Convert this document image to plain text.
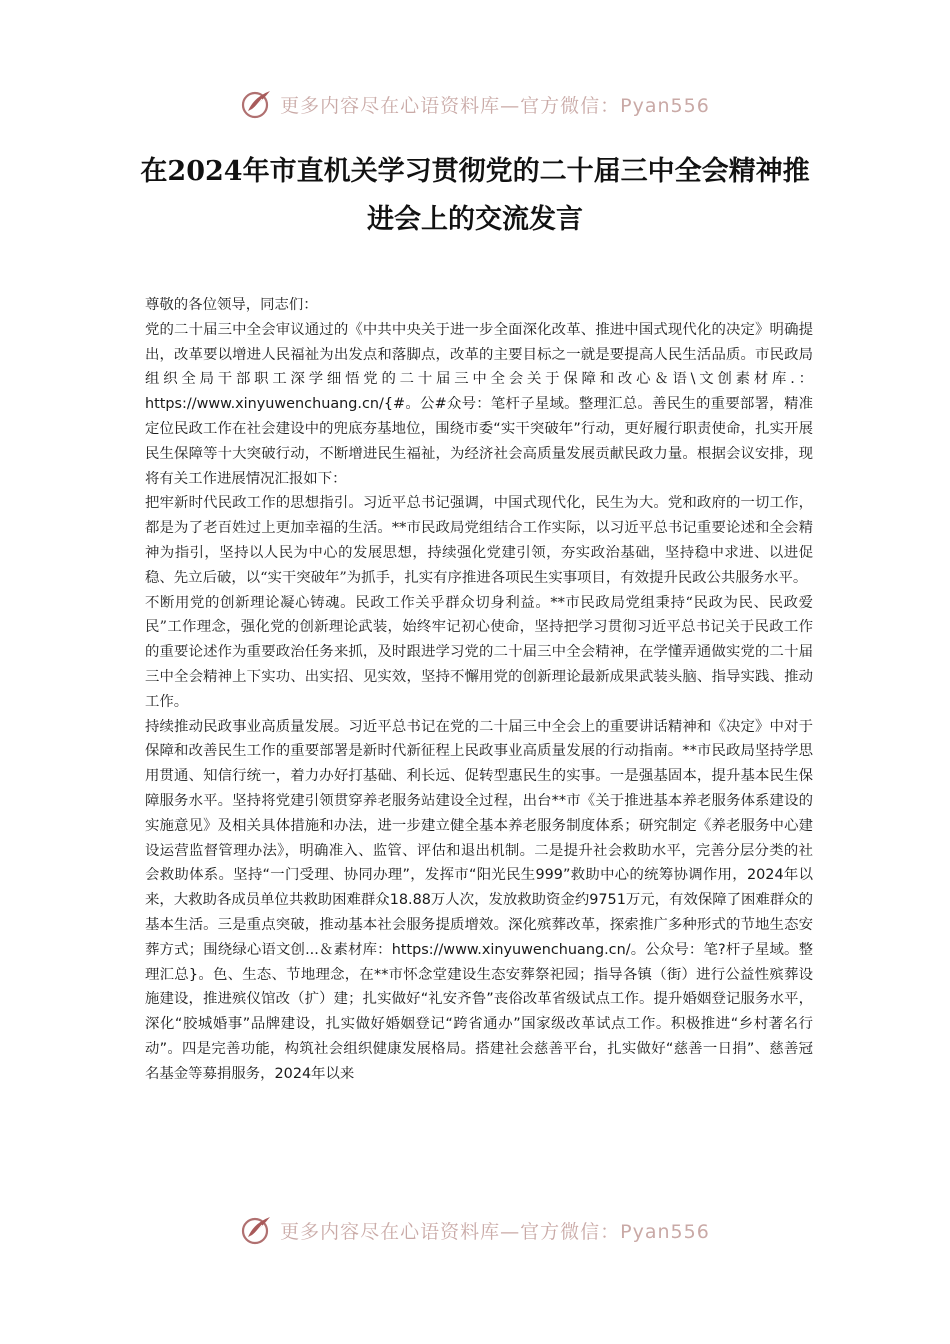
更多内容尽在心语资料库—官方微信：Pyan556
在2024年市直机关学习贯彻党的二十届三中全会精神推进会上的交流发言

尊敬的各位领导，同志们：

党的二十届三中全会审议通过的《中共中央关于进一步全面深化改革、推进中国式现代化的决定》明确提出，改革要以增进人民福祉为出发点和落脚点，改革的主要目标之一就是要提高人民生活品质。市民政局组织全局干部职工深学细悟党的二十届三中全会关于保障和改心＆语\文创素材库.：https://www.xinyuwenchuang.cn/{#。公#众号：笔杆子星域。整理汇总。善民生的重要部署，精准定位民政工作在社会建设中的兜底夯基地位，围绕市委“实干突破年”行动，更好履行职责使命，扎实开展民生保障等十大突破行动，不断增进民生福祉，为经济社会高质量发展贡献民政力量。根据会议安排，现将有关工作进展情况汇报如下：

把牢新时代民政工作的思想指引。习近平总书记强调，中国式现代化，民生为大。党和政府的一切工作，都是为了老百姓过上更加幸福的生活。**市民政局党组结合工作实际，以习近平总书记重要论述和全会精神为指引，坚持以人民为中心的发展思想，持续强化党建引领，夯实政治基础，坚持稳中求进、以进促稳、先立后破，以“实干突破年”为抓手，扎实有序推进各项民生实事项目，有效提升民政公共服务水平。

不断用党的创新理论凝心铸魂。民政工作关乎群众切身利益。**市民政局党组秉持“民政为民、民政爱民”工作理念，强化党的创新理论武装，始终牢记初心使命，坚持把学习贯彻习近平总书记关于民政工作的重要论述作为重要政治任务来抓，及时跟进学习党的二十届三中全会精神，在学懂弄通做实党的二十届三中全会精神上下实功、出实招、见实效，坚持不懈用党的创新理论最新成果武装头脑、指导实践、推动工作。

持续推动民政事业高质量发展。习近平总书记在党的二十届三中全会上的重要讲话精神和《决定》中对于保障和改善民生工作的重要部署是新时代新征程上民政事业高质量发展的行动指南。**市民政局坚持学思用贯通、知信行统一，着力办好打基础、利长远、促转型惠民生的实事。一是强基固本，提升基本民生保障服务水平。坚持将党建引领贯穿养老服务站建设全过程，出台**市《关于推进基本养老服务体系建设的实施意见》及相关具体措施和办法，进一步建立健全基本养老服务制度体系；研究制定《养老服务中心建设运营监督管理办法》，明确准入、监管、评估和退出机制。二是提升社会救助水平，完善分层分类的社会救助体系。坚持“一门受理、协同办理”，发挥市“阳光民生999”救助中心的统筹协调作用，2024年以来，大救助各成员单位共救助困难群众18.88万人次，发放救助资金约9751万元，有效保障了困难群众的基本生活。三是重点突破，推动基本社会服务提质增效。深化殡葬改革，探索推广多种形式的节地生态安葬方式；围绕绿心语文创...＆素材库：https://www.xinyuwenchuang.cn/。公众号：笔?杆子星域。整理汇总}。色、生态、节地理念，在**市怀念堂建设生态安葬祭祀园；指导各镇（街）进行公益性殡葬设施建设，推进殡仪馆改（扩）建；扎实做好“礼安齐鲁”丧俗改革省级试点工作。提升婚姻登记服务水平，深化“胶城婚事”品牌建设，扎实做好婚姻登记“跨省通办”国家级改革试点工作。积极推进“乡村著名行动”。四是完善功能，构筑社会组织健康发展格局。搭建社会慈善平台，扎实做好“慈善一日捐”、慈善冠名基金等募捐服务，2024年以来

更多内容尽在心语资料库—官方微信：Pyan556
